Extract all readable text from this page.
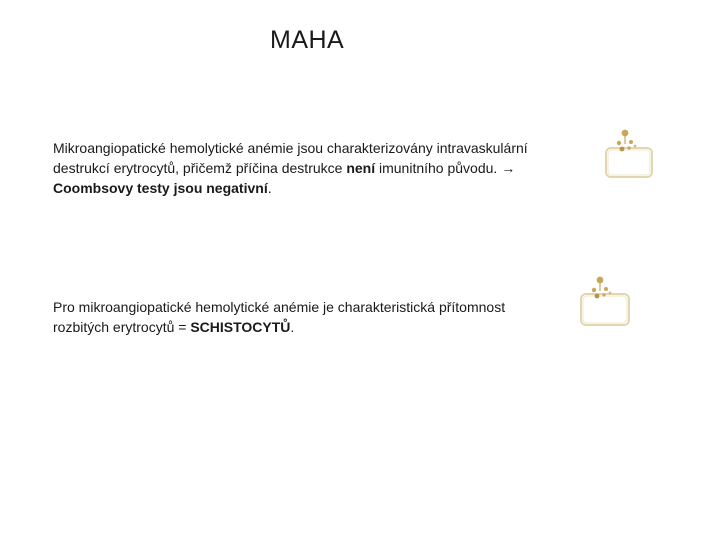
MAHA
Mikroangiopatické hemolytické anémie jsou charakterizovány intravaskulární
destrukcí erytrocytů, přičemž příčina destrukce není imunitního původu. →
Coombsovy testy jsou negativní.
Pro mikroangiopatické hemolytické anémie je charakteristická přítomnost
rozbitých erytrocytů = SCHISTOCYTŮ.
